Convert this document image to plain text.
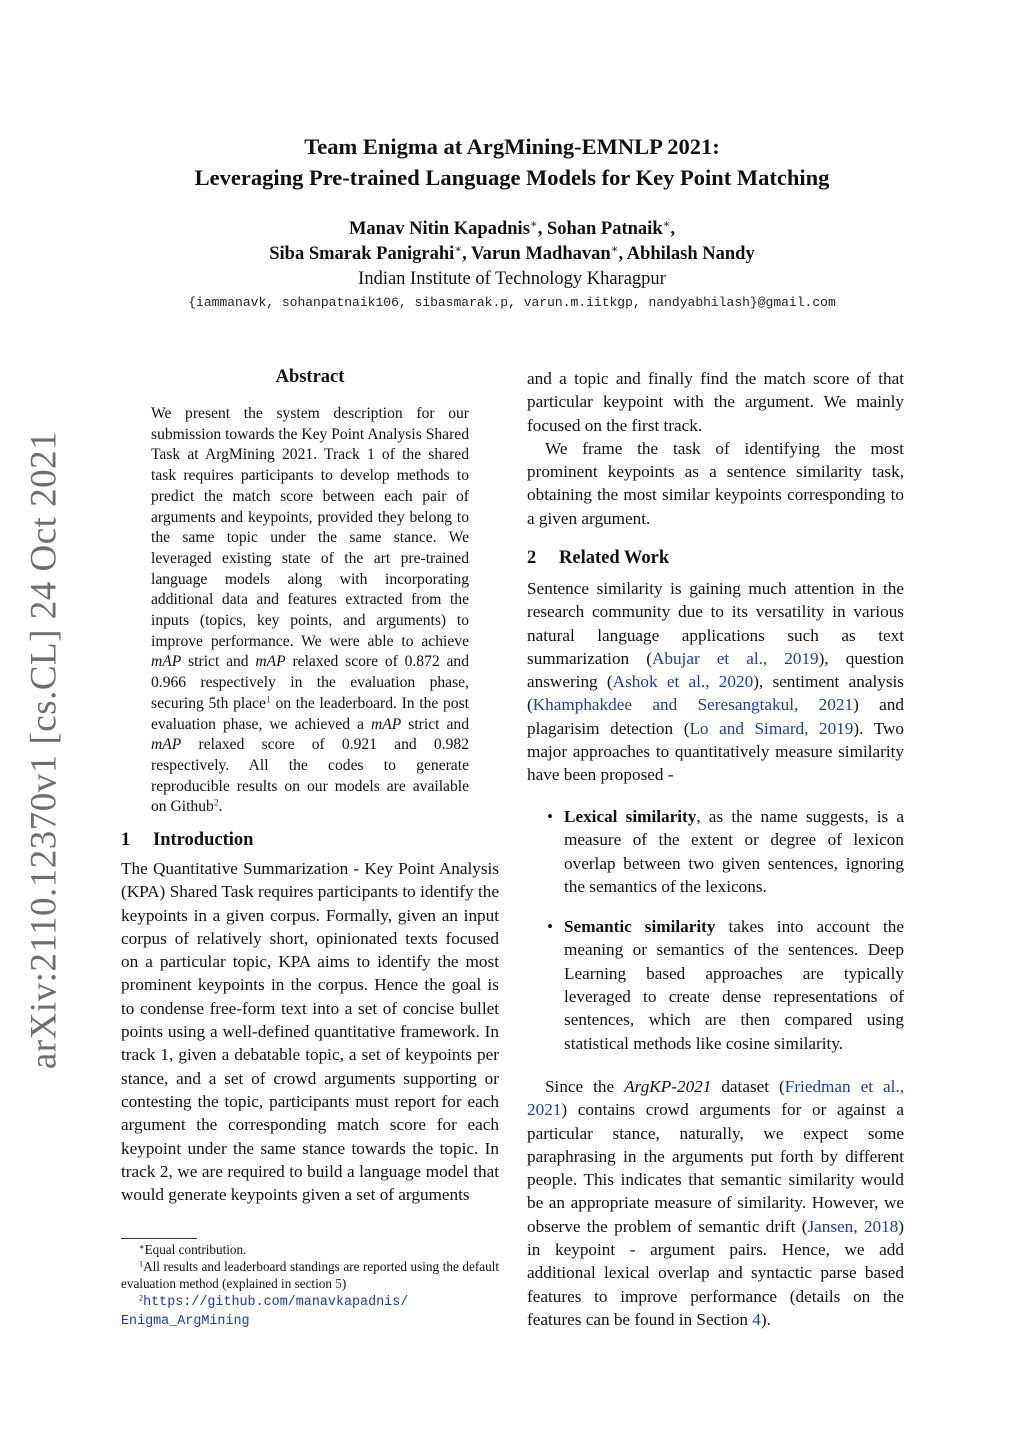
arXiv:2110.12370v1 [cs.CL] 24 Oct 2021
Team Enigma at ArgMining-EMNLP 2021:
Leveraging Pre-trained Language Models for Key Point Matching
Manav Nitin Kapadnis∗, Sohan Patnaik∗,
Siba Smarak Panigrahi∗, Varun Madhavan∗, Abhilash Nandy
Indian Institute of Technology Kharagpur
{iammanavk, sohanpatnaik106, sibasmarak.p, varun.m.iitkgp, nandyabhilash}@gmail.com
Abstract
We present the system description for our submission towards the Key Point Analysis Shared Task at ArgMining 2021. Track 1 of the shared task requires participants to develop methods to predict the match score between each pair of arguments and keypoints, provided they belong to the same topic under the same stance. We leveraged existing state of the art pre-trained language models along with incorporating additional data and features extracted from the inputs (topics, key points, and arguments) to improve performance. We were able to achieve mAP strict and mAP relaxed score of 0.872 and 0.966 respectively in the evaluation phase, securing 5th place$^1$ on the leaderboard. In the post evaluation phase, we achieved a mAP strict and mAP relaxed score of 0.921 and 0.982 respectively. All the codes to generate reproducible results on our models are available on Github$^2$.
1 Introduction

The Quantitative Summarization - Key Point Analysis (KPA) Shared Task requires participants to identify the keypoints in a given corpus. Formally, given an input corpus of relatively short, opinionated texts focused on a particular topic, KPA aims to identify the most prominent keypoints in the corpus. Hence the goal is to condense free-form text into a set of concise bullet points using a well-defined quantitative framework. In track 1, given a debatable topic, a set of keypoints per stance, and a set of crowd arguments supporting or contesting the topic, participants must report for each argument the corresponding match score for each keypoint under the same stance towards the topic. In track 2, we are required to build a language model that would generate keypoints given a set of arguments

∗Equal contribution.
$^1$All results and leaderboard standings are reported using the default evaluation method (explained in section 5)
$^2$https://github.com/manavkapadnis/
Enigma_ArgMining

and a topic and finally find the match score of that particular keypoint with the argument. We mainly focused on the first track.

We frame the task of identifying the most prominent keypoints as a sentence similarity task, obtaining the most similar keypoints corresponding to a given argument.

2 Related Work

Sentence similarity is gaining much attention in the research community due to its versatility in various natural language applications such as text summarization (Abujar et al., 2019), question answering (Ashok et al., 2020), sentiment analysis (Khamphakdee and Seresangtakul, 2021) and plagarisim detection (Lo and Simard, 2019). Two major approaches to quantitatively measure similarity have been proposed -

• Lexical similarity, as the name suggests, is a measure of the extent or degree of lexicon overlap between two given sentences, ignoring the semantics of the lexicons.
• Semantic similarity takes into account the meaning or semantics of the sentences. Deep Learning based approaches are typically leveraged to create dense representations of sentences, which are then compared using statistical methods like cosine similarity.

Since the ArgKP-2021 dataset (Friedman et al., 2021) contains crowd arguments for or against a particular stance, naturally, we expect some paraphrasing in the arguments put forth by different people. This indicates that semantic similarity would be an appropriate measure of similarity. However, we observe the problem of semantic drift (Jansen, 2018) in keypoint - argument pairs. Hence, we add additional lexical overlap and syntactic parse based features to improve performance (details on the features can be found in Section 4).
